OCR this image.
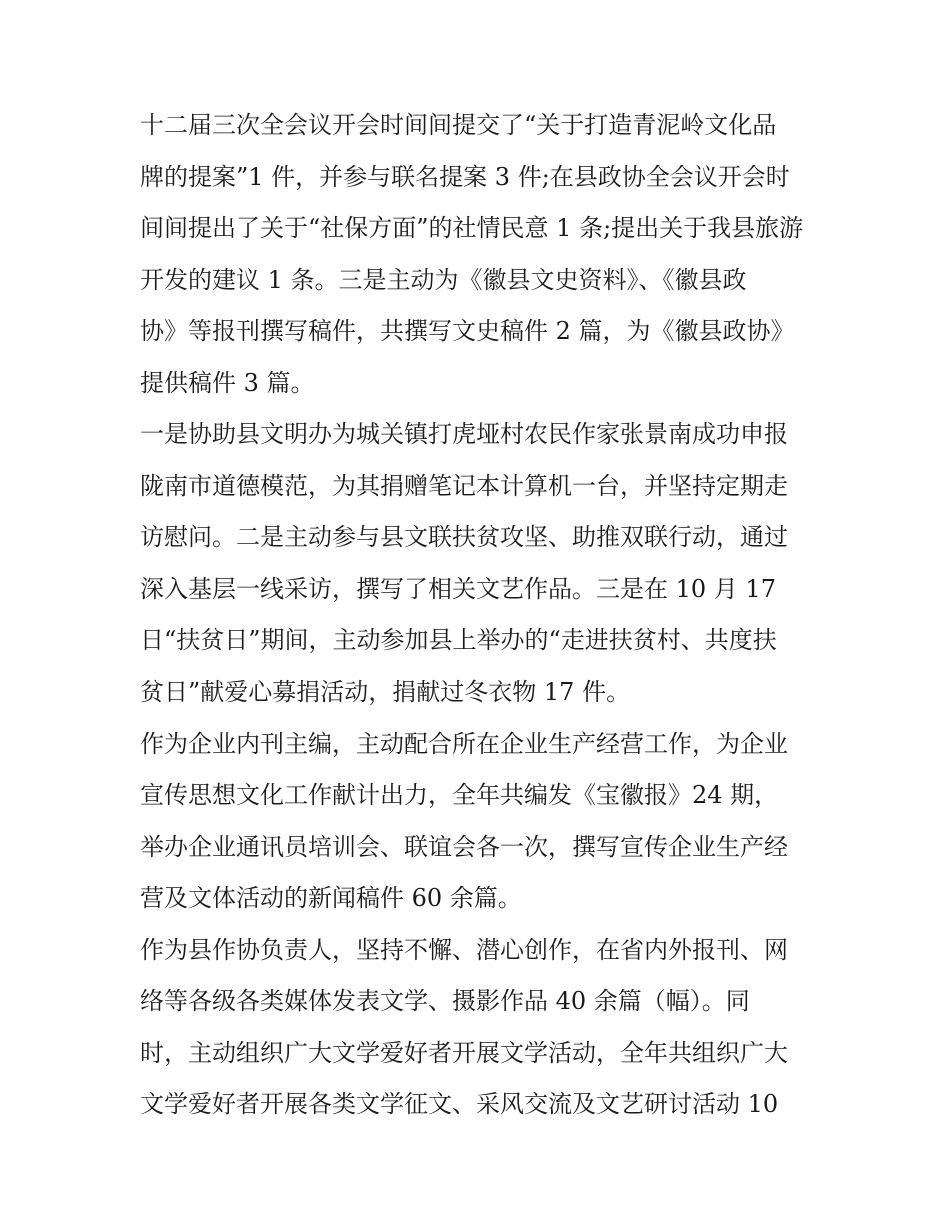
十二届三次全会议开会时间间提交了“关于打造青泥岭文化品
牌的提案”1 件，并参与联名提案 3 件;在县政协全会议开会时
间间提出了关于“社保方面”的社情民意 1 条;提出关于我县旅游
开发的建议 1 条。三是主动为《徽县文史资料》、《徽县政
协》等报刊撰写稿件，共撰写文史稿件 2 篇，为《徽县政协》
提供稿件 3 篇。
一是协助县文明办为城关镇打虎垭村农民作家张景南成功申报
陇南市道德模范，为其捐赠笔记本计算机一台，并坚持定期走
访慰问。二是主动参与县文联扶贫攻坚、助推双联行动，通过
深入基层一线采访，撰写了相关文艺作品。三是在 10 月 17
日“扶贫日”期间，主动参加县上举办的“走进扶贫村、共度扶
贫日”献爱心募捐活动，捐献过冬衣物 17 件。
作为企业内刊主编，主动配合所在企业生产经营工作，为企业
宣传思想文化工作献计出力，全年共编发《宝徽报》24 期，
举办企业通讯员培训会、联谊会各一次，撰写宣传企业生产经
营及文体活动的新闻稿件 60 余篇。
作为县作协负责人，坚持不懈、潜心创作，在省内外报刊、网
络等各级各类媒体发表文学、摄影作品 40 余篇（幅）。同
时，主动组织广大文学爱好者开展文学活动，全年共组织广大
文学爱好者开展各类文学征文、采风交流及文艺研讨活动 10
